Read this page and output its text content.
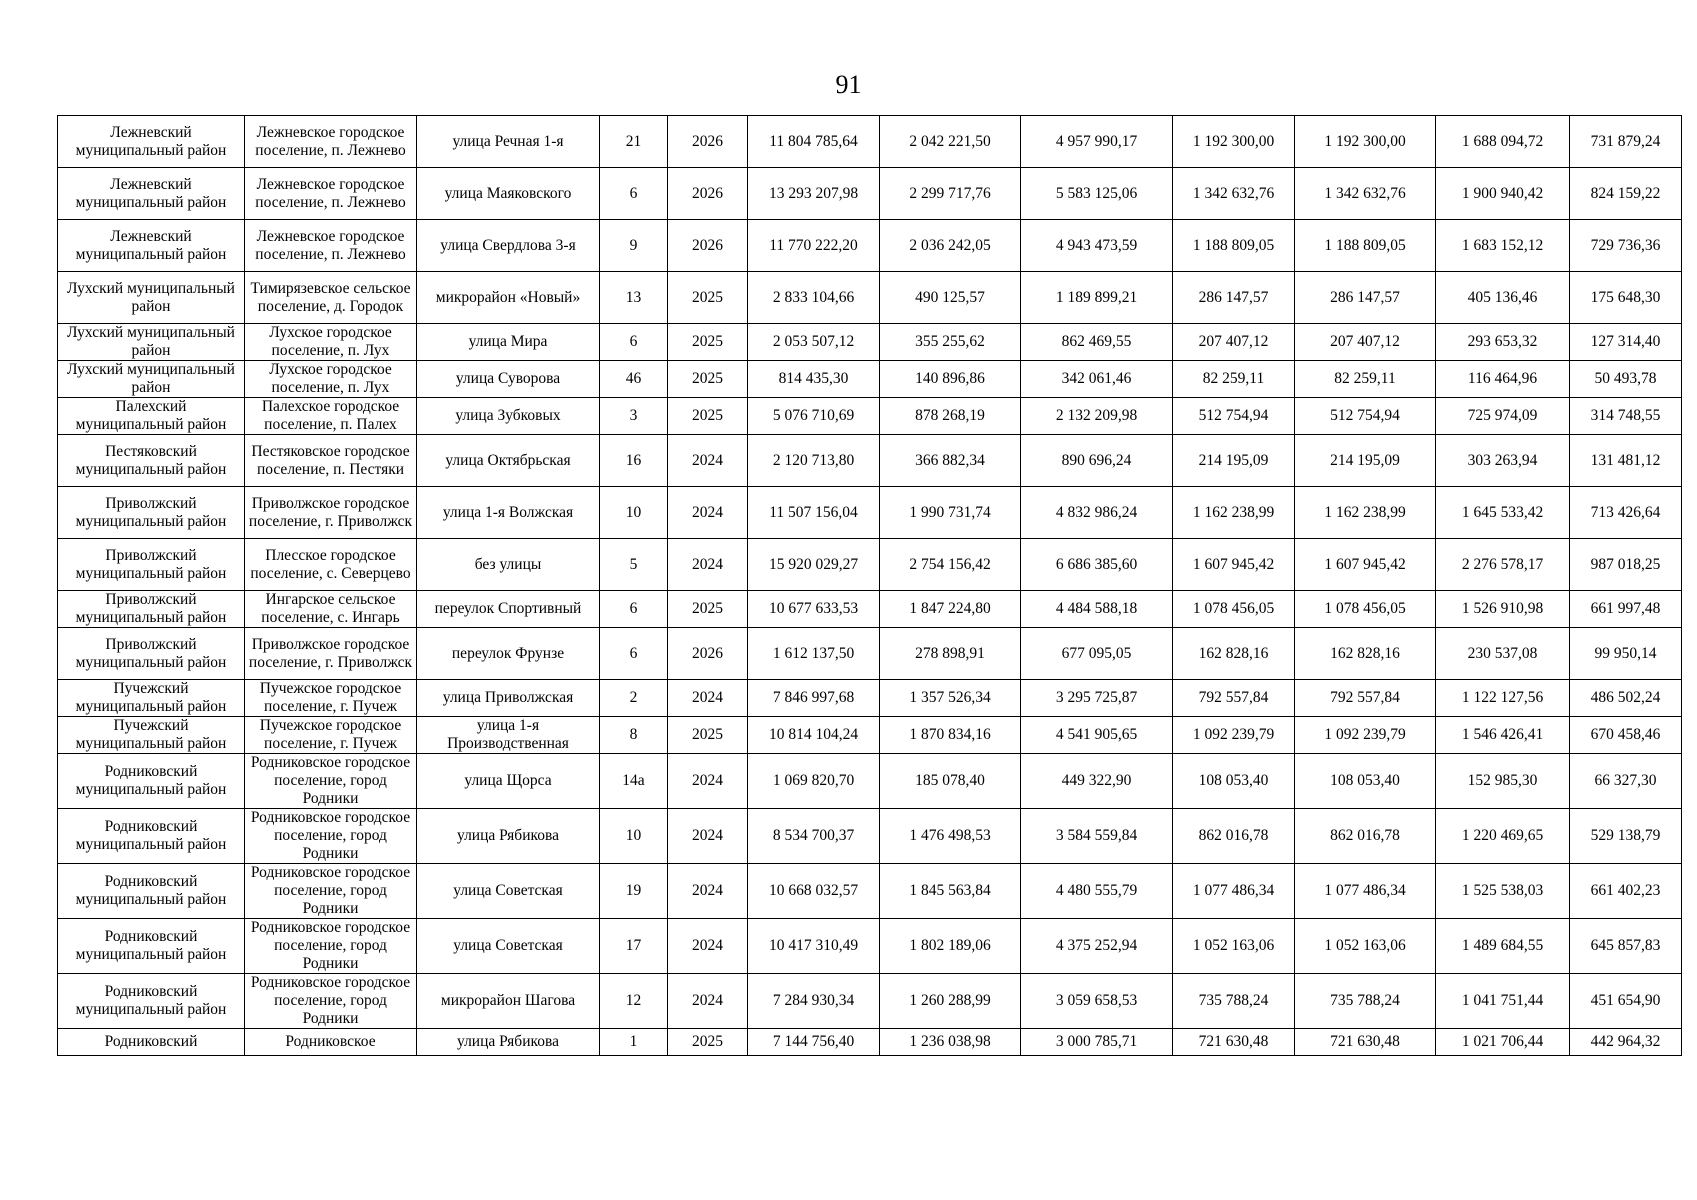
91
Лежневский муниципальный район	Лежневское городское поселение, п. Лежнево	улица Речная 1-я	21	2026	11 804 785,64	2 042 221,50	4 957 990,17	1 192 300,00	1 192 300,00	1 688 094,72	731 879,24
Лежневский муниципальный район	Лежневское городское поселение, п. Лежнево	улица Маяковского	6	2026	13 293 207,98	2 299 717,76	5 583 125,06	1 342 632,76	1 342 632,76	1 900 940,42	824 159,22
Лежневский муниципальный район	Лежневское городское поселение, п. Лежнево	улица Свердлова 3-я	9	2026	11 770 222,20	2 036 242,05	4 943 473,59	1 188 809,05	1 188 809,05	1 683 152,12	729 736,36
Лухский муниципальный район	Тимирязевское сельское поселение, д. Городок	микрорайон «Новый»	13	2025	2 833 104,66	490 125,57	1 189 899,21	286 147,57	286 147,57	405 136,46	175 648,30
Лухский муниципальный район	Лухское городское поселение, п. Лух	улица Мира	6	2025	2 053 507,12	355 255,62	862 469,55	207 407,12	207 407,12	293 653,32	127 314,40
Лухский муниципальный район	Лухское городское поселение, п. Лух	улица Суворова	46	2025	814 435,30	140 896,86	342 061,46	82 259,11	82 259,11	116 464,96	50 493,78
Палехский муниципальный район	Палехское городское поселение, п. Палех	улица Зубковых	3	2025	5 076 710,69	878 268,19	2 132 209,98	512 754,94	512 754,94	725 974,09	314 748,55
Пестяковский муниципальный район	Пестяковское городское поселение, п. Пестяки	улица Октябрьская	16	2024	2 120 713,80	366 882,34	890 696,24	214 195,09	214 195,09	303 263,94	131 481,12
Приволжский муниципальный район	Приволжское городское поселение, г. Приволжск	улица 1-я Волжская	10	2024	11 507 156,04	1 990 731,74	4 832 986,24	1 162 238,99	1 162 238,99	1 645 533,42	713 426,64
Приволжский муниципальный район	Плесское городское поселение, с. Северцево	без улицы	5	2024	15 920 029,27	2 754 156,42	6 686 385,60	1 607 945,42	1 607 945,42	2 276 578,17	987 018,25
Приволжский муниципальный район	Ингарское сельское поселение, с. Ингарь	переулок Спортивный	6	2025	10 677 633,53	1 847 224,80	4 484 588,18	1 078 456,05	1 078 456,05	1 526 910,98	661 997,48
Приволжский муниципальный район	Приволжское городское поселение, г. Приволжск	переулок Фрунзе	6	2026	1 612 137,50	278 898,91	677 095,05	162 828,16	162 828,16	230 537,08	99 950,14
Пучежский муниципальный район	Пучежское городское поселение, г. Пучеж	улица Приволжская	2	2024	7 846 997,68	1 357 526,34	3 295 725,87	792 557,84	792 557,84	1 122 127,56	486 502,24
Пучежский муниципальный район	Пучежское городское поселение, г. Пучеж	улица 1-я Производственная	8	2025	10 814 104,24	1 870 834,16	4 541 905,65	1 092 239,79	1 092 239,79	1 546 426,41	670 458,46
Родниковский муниципальный район	Родниковское городское поселение, город Родники	улица Щорса	14а	2024	1 069 820,70	185 078,40	449 322,90	108 053,40	108 053,40	152 985,30	66 327,30
Родниковский муниципальный район	Родниковское городское поселение, город Родники	улица Рябикова	10	2024	8 534 700,37	1 476 498,53	3 584 559,84	862 016,78	862 016,78	1 220 469,65	529 138,79
Родниковский муниципальный район	Родниковское городское поселение, город Родники	улица Советская	19	2024	10 668 032,57	1 845 563,84	4 480 555,79	1 077 486,34	1 077 486,34	1 525 538,03	661 402,23
Родниковский муниципальный район	Родниковское городское поселение, город Родники	улица Советская	17	2024	10 417 310,49	1 802 189,06	4 375 252,94	1 052 163,06	1 052 163,06	1 489 684,55	645 857,83
Родниковский муниципальный район	Родниковское городское поселение, город Родники	микрорайон Шагова	12	2024	7 284 930,34	1 260 288,99	3 059 658,53	735 788,24	735 788,24	1 041 751,44	451 654,90
Родниковский	Родниковское	улица Рябикова	1	2025	7 144 756,40	1 236 038,98	3 000 785,71	721 630,48	721 630,48	1 021 706,44	442 964,32
